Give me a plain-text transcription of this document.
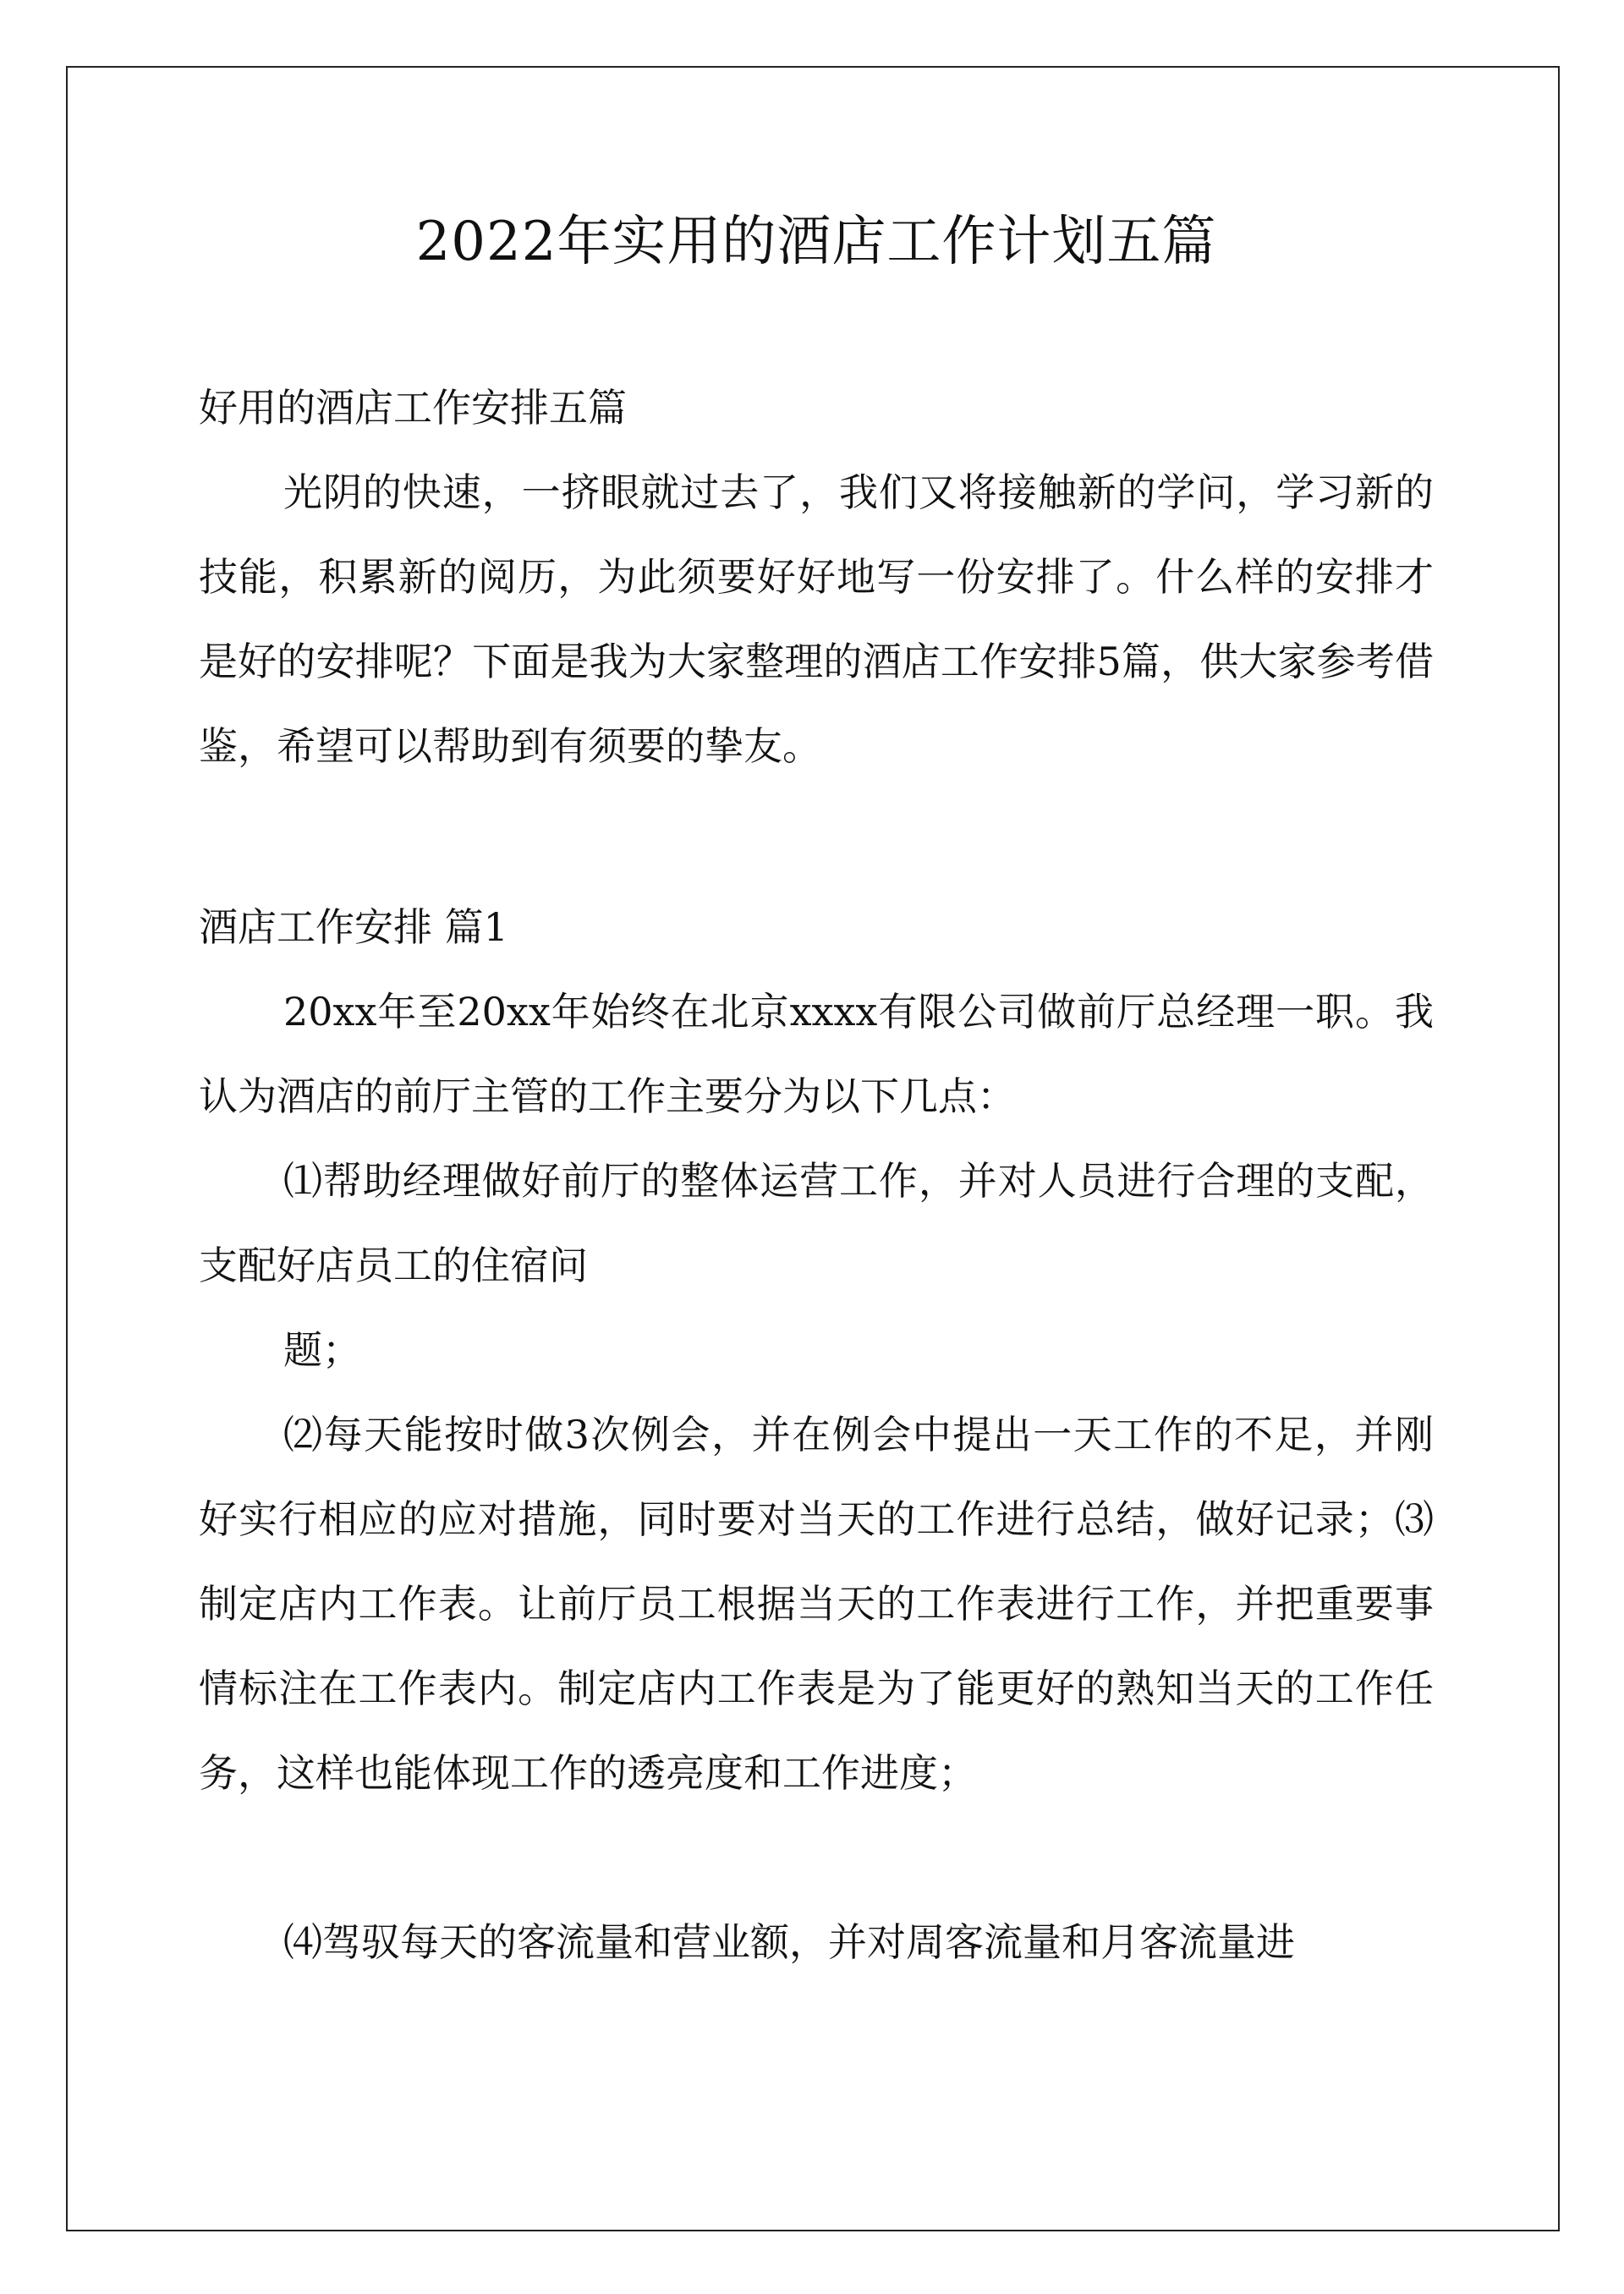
2022年实用的酒店工作计划五篇
好用的酒店工作安排五篇

光阴的快速，一挤眼就过去了，我们又将接触新的学问，学习新的技能，积累新的阅历，为此须要好好地写一份安排了。什么样的安排才是好的安排呢？下面是我为大家整理的酒店工作安排5篇，供大家参考借鉴，希望可以帮助到有须要的挚友。

酒店工作安排 篇1

20xx年至20xx年始终在北京xxxx有限公司做前厅总经理一职。我认为酒店的前厅主管的工作主要分为以下几点：

⑴帮助经理做好前厅的整体运营工作，并对人员进行合理的支配，支配好店员工的住宿问

题；

⑵每天能按时做3次例会，并在例会中提出一天工作的不足，并刚好实行相应的应对措施，同时要对当天的工作进行总结，做好记录；⑶制定店内工作表。让前厅员工根据当天的工作表进行工作，并把重要事情标注在工作表内。制定店内工作表是为了能更好的熟知当天的工作任务，这样也能体现工作的透亮度和工作进度；

⑷驾驭每天的客流量和营业额，并对周客流量和月客流量进
